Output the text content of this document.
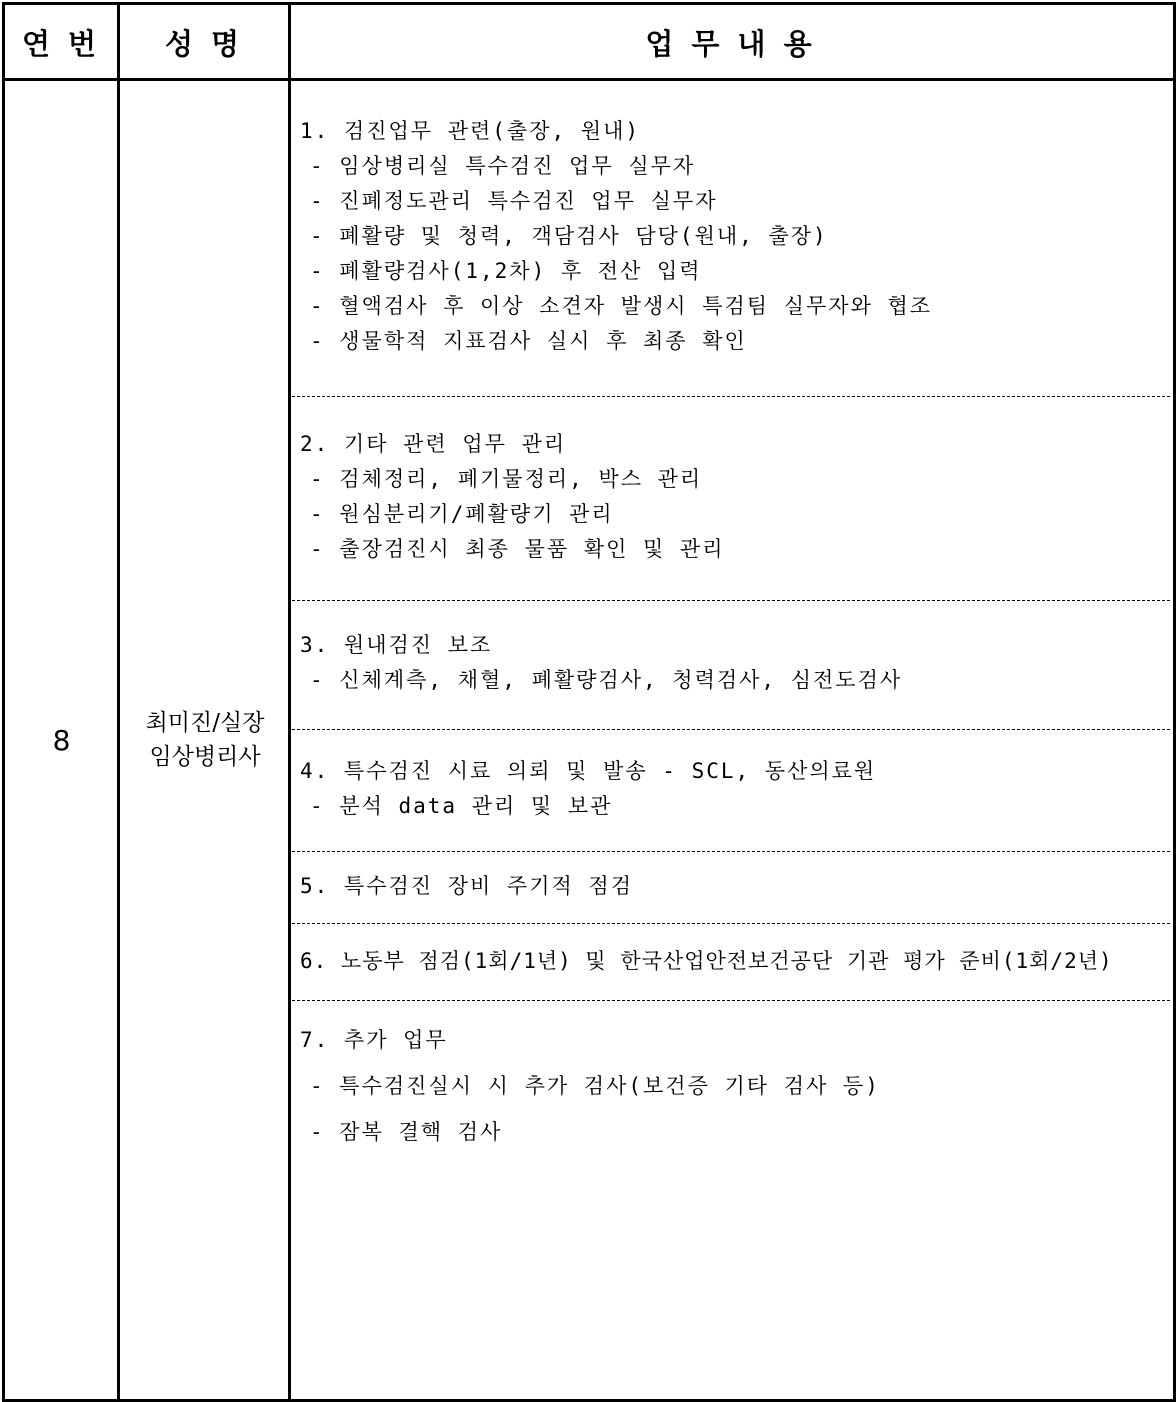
연 번 성 명	업 무 내 용
8
최미진/실장
임상병리사
1. 검진업무 관련(출장, 원내)
- 임상병리실 특수검진 업무 실무자
- 진폐정도관리 특수검진 업무 실무자
- 폐활량 및 청력, 객담검사 담당(원내, 출장)
- 폐활량검사(1,2차) 후 전산 입력
- 혈액검사 후 이상 소견자 발생시 특검팀 실무자와 협조
- 생물학적 지표검사 실시 후 최종 확인
2. 기타 관련 업무 관리
- 검체정리, 폐기물정리, 박스 관리
- 원심분리기/폐활량기 관리
- 출장검진시 최종 물품 확인 및 관리
3. 원내검진 보조
- 신체계측, 채혈, 폐활량검사, 청력검사, 심전도검사
4. 특수검진 시료 의뢰 및 발송 - SCL, 동산의료원
- 분석 data 관리 및 보관
5. 특수검진 장비 주기적 점검
6. 노동부 점검(1회/1년) 및 한국산업안전보건공단 기관 평가 준비(1회/2년)
7. 추가 업무
- 특수검진실시 시 추가 검사(보건증 기타 검사 등)
- 잠복 결핵 검사
